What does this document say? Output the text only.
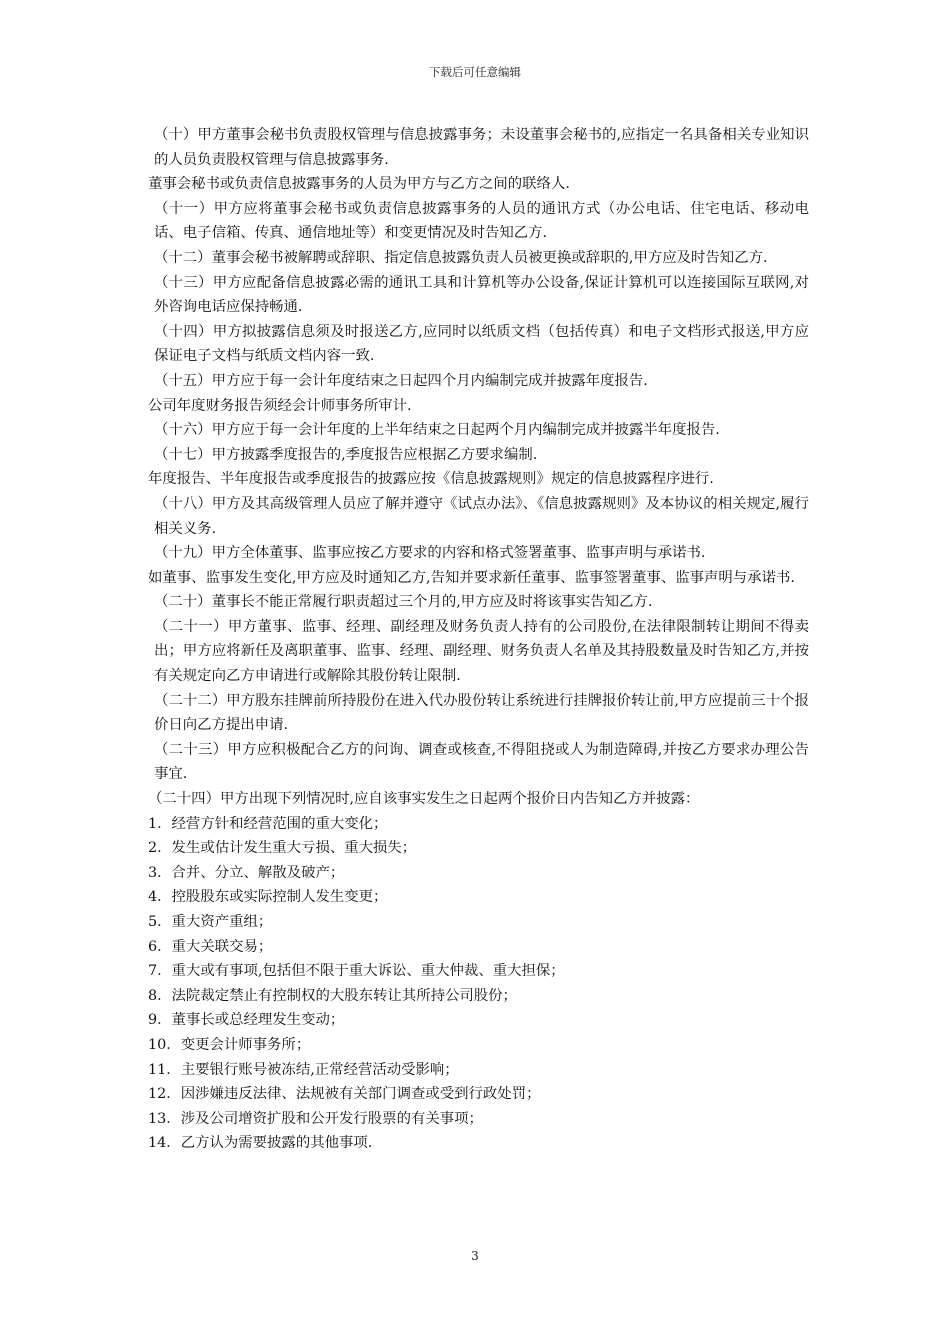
下载后可任意编辑

（十）甲方董事会秘书负责股权管理与信息披露事务；未设董事会秘书的,应指定一名具备相关专业知识的人员负责股权管理与信息披露事务.

董事会秘书或负责信息披露事务的人员为甲方与乙方之间的联络人.

（十一）甲方应将董事会秘书或负责信息披露事务的人员的通讯方式（办公电话、住宅电话、移动电话、电子信箱、传真、通信地址等）和变更情况及时告知乙方.

（十二）董事会秘书被解聘或辞职、指定信息披露负责人员被更换或辞职的,甲方应及时告知乙方.

（十三）甲方应配备信息披露必需的通讯工具和计算机等办公设备,保证计算机可以连接国际互联网,对外咨询电话应保持畅通.

（十四）甲方拟披露信息须及时报送乙方,应同时以纸质文档（包括传真）和电子文档形式报送,甲方应保证电子文档与纸质文档内容一致.

（十五）甲方应于每一会计年度结束之日起四个月内编制完成并披露年度报告.

公司年度财务报告须经会计师事务所审计.

（十六）甲方应于每一会计年度的上半年结束之日起两个月内编制完成并披露半年度报告.

（十七）甲方披露季度报告的,季度报告应根据乙方要求编制.

年度报告、半年度报告或季度报告的披露应按《信息披露规则》规定的信息披露程序进行.

（十八）甲方及其高级管理人员应了解并遵守《试点办法》、《信息披露规则》及本协议的相关规定,履行相关义务.

（十九）甲方全体董事、监事应按乙方要求的内容和格式签署董事、监事声明与承诺书.

如董事、监事发生变化,甲方应及时通知乙方,告知并要求新任董事、监事签署董事、监事声明与承诺书.

（二十）董事长不能正常履行职责超过三个月的,甲方应及时将该事实告知乙方.

（二十一）甲方董事、监事、经理、副经理及财务负责人持有的公司股份,在法律限制转让期间不得卖出；甲方应将新任及离职董事、监事、经理、副经理、财务负责人名单及其持股数量及时告知乙方,并按有关规定向乙方申请进行或解除其股份转让限制.

（二十二）甲方股东挂牌前所持股份在进入代办股份转让系统进行挂牌报价转让前,甲方应提前三十个报价日向乙方提出申请.

（二十三）甲方应积极配合乙方的问询、调查或核查,不得阻挠或人为制造障碍,并按乙方要求办理公告事宜.

（二十四）甲方出现下列情况时,应自该事实发生之日起两个报价日内告知乙方并披露：

1．经营方针和经营范围的重大变化；

2．发生或估计发生重大亏损、重大损失；

3．合并、分立、解散及破产；

4．控股股东或实际控制人发生变更；

5．重大资产重组；

6．重大关联交易；

7．重大或有事项,包括但不限于重大诉讼、重大仲裁、重大担保；

8．法院裁定禁止有控制权的大股东转让其所持公司股份；

9．董事长或总经理发生变动；

10．变更会计师事务所；

11．主要银行账号被冻结,正常经营活动受影响；

12．因涉嫌违反法律、法规被有关部门调查或受到行政处罚；

13．涉及公司增资扩股和公开发行股票的有关事项；

14．乙方认为需要披露的其他事项.

3
